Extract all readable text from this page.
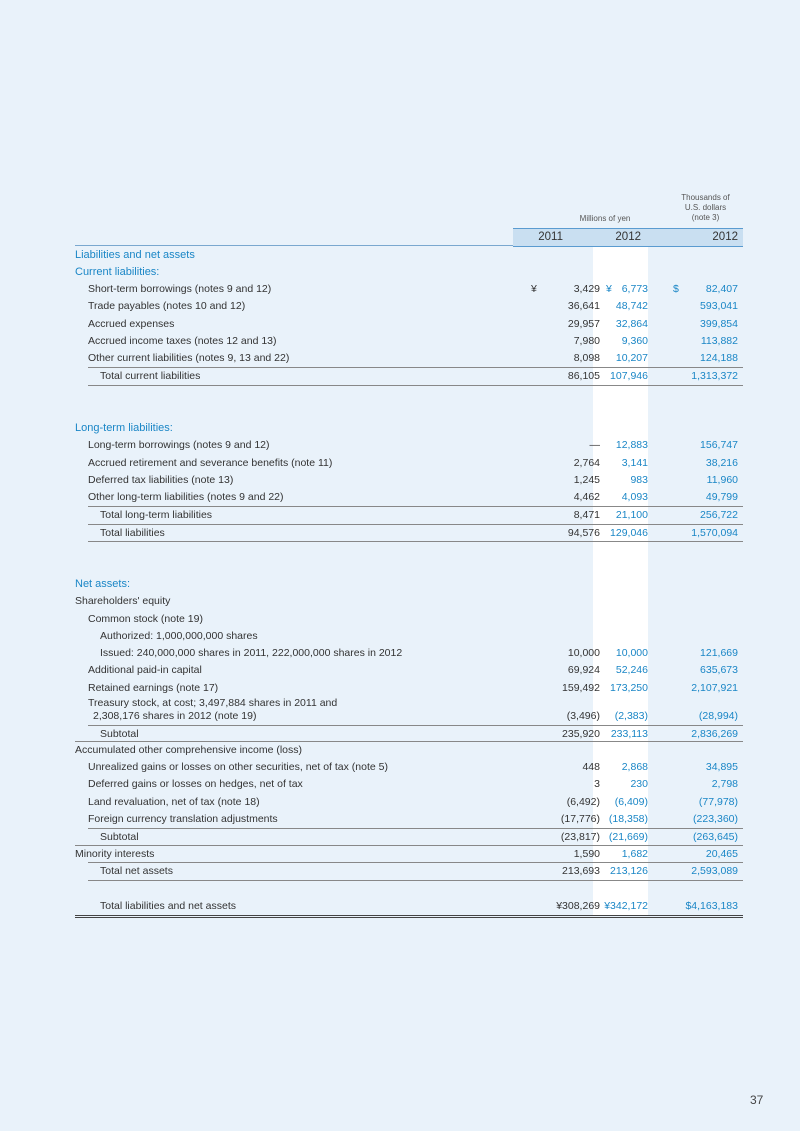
Millions of yen
Thousands of
U.S. dollars
(note 3)
2011	2012	2012
Liabilities and net assets
Current liabilities:
Short-term borrowings (notes 9 and 12)	¥	3,429 ¥ 6,773 $	82,407
Trade payables (notes 10 and 12)	36,641	48,742	593,041
Accrued expenses	29,957	32,864	399,854
Accrued income taxes (notes 12 and 13)	7,980	9,360	113,882
Other current liabilities (notes 9, 13 and 22)	8,098	10,207	124,188
Total current liabilities	86,105 107,946	1,313,372
Long-term liabilities:
Long-term borrowings (notes 9 and 12)	—	12,883	156,747
Accrued retirement and severance benefits (note 11)	2,764	3,141	38,216
Deferred tax liabilities (note 13)	1,245	983	11,960
Other long-term liabilities (notes 9 and 22)	4,462	4,093	49,799
Total long-term liabilities	8,471	21,100	256,722
Total liabilities	94,576 129,046	1,570,094
Net assets:
Shareholders' equity
Common stock (note 19)
Authorized: 1,000,000,000 shares
Issued: 240,000,000 shares in 2011, 222,000,000 shares in 2012	10,000	10,000	121,669
Additional paid-in capital	69,924	52,246	635,673
Retained earnings (note 17)	159,492 173,250	2,107,921
Treasury stock, at cost; 3,497,884 shares in 2011 and
2,308,176 shares in 2012 (note 19)	(3,496)	(2,383)	(28,994)
Subtotal	235,920	233,113	2,836,269
Accumulated other comprehensive income (loss)
Unrealized gains or losses on other securities, net of tax (note 5)	448	2,868	34,895
Deferred gains or losses on hedges, net of tax	3	230	2,798
Land revaluation, net of tax (note 18)	(6,492)	(6,409)	(77,978)
Foreign currency translation adjustments	(17,776) (18,358)	(223,360)
Subtotal	(23,817) (21,669)	(263,645)
Minority interests	1,590	1,682	20,465
Total net assets	213,693 213,126	2,593,089
Total liabilities and net assets	¥308,269 ¥342,172	$4,163,183
37
